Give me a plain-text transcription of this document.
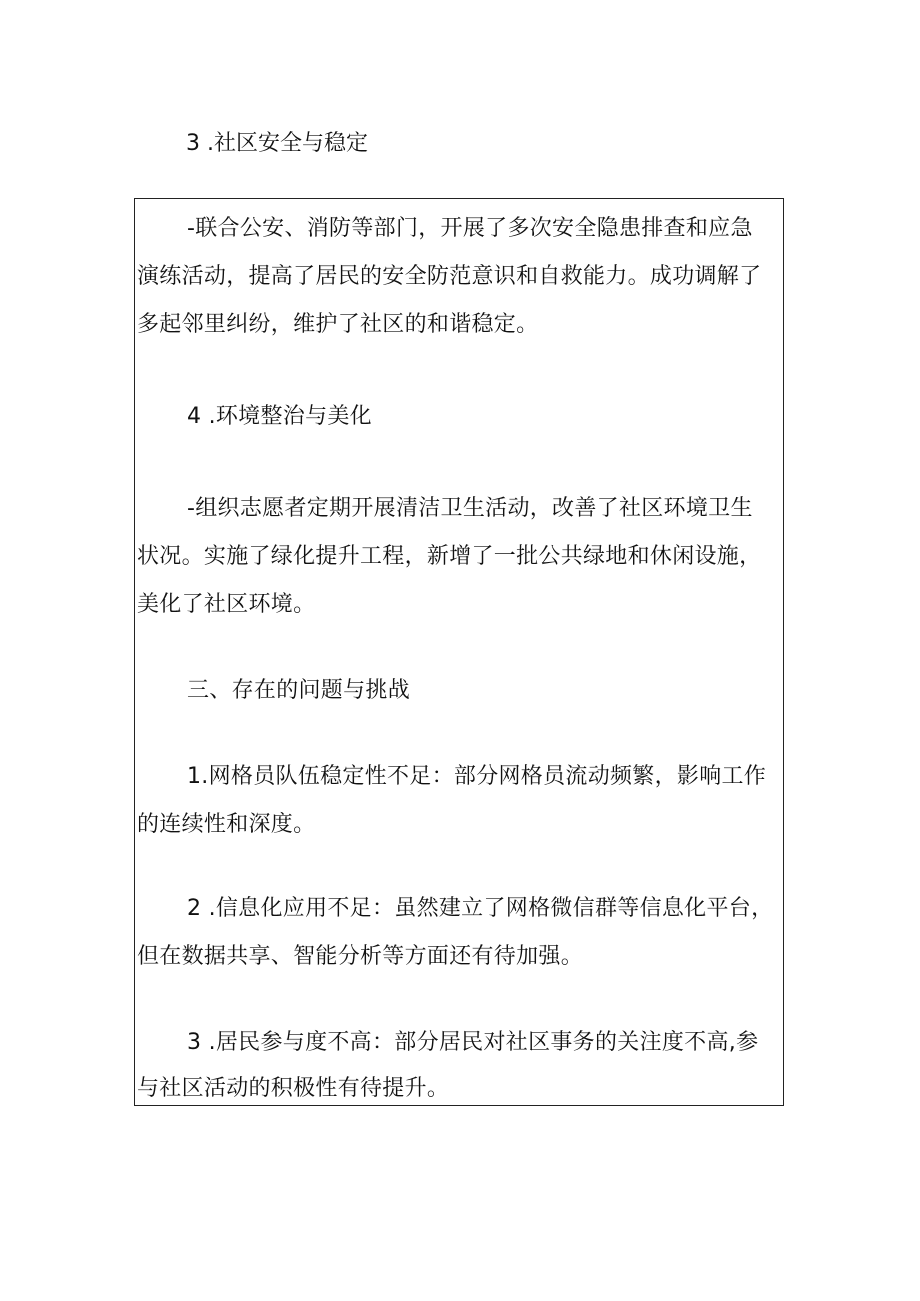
3 .社区安全与稳定
-联合公安、消防等部门，开展了多次安全隐患排查和应急
演练活动，提高了居民的安全防范意识和自救能力。成功调解了
多起邻里纠纷，维护了社区的和谐稳定。
4 .环境整治与美化
-组织志愿者定期开展清洁卫生活动，改善了社区环境卫生
状况。实施了绿化提升工程，新增了一批公共绿地和休闲设施，
美化了社区环境。
三、存在的问题与挑战
1.网格员队伍稳定性不足：部分网格员流动频繁，影响工作
的连续性和深度。
2 .信息化应用不足：虽然建立了网格微信群等信息化平台，
但在数据共享、智能分析等方面还有待加强。
3 .居民参与度不高：部分居民对社区事务的关注度不高,参
与社区活动的积极性有待提升。
